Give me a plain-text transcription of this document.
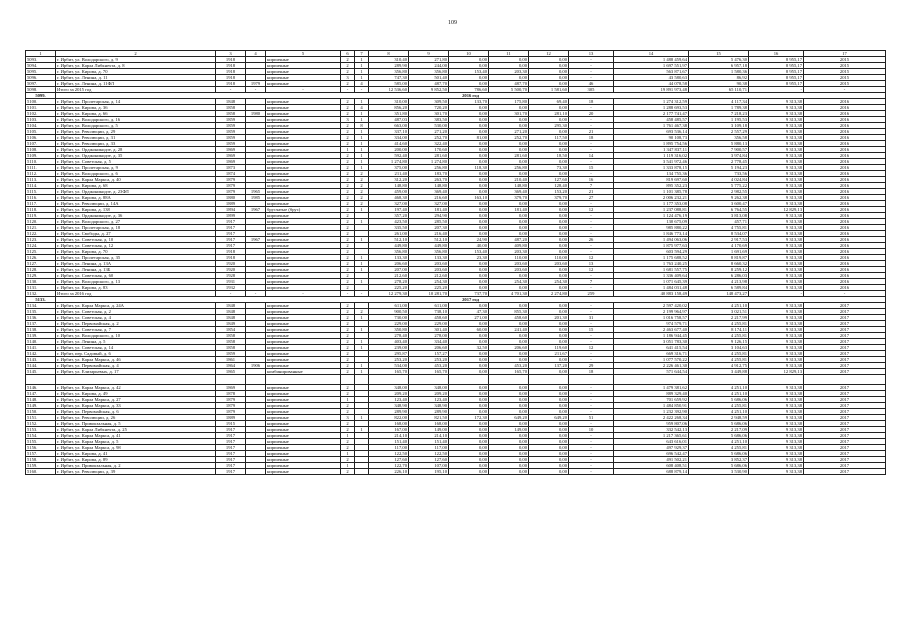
109
1	2	3	4	5	6	7	8	9	10	11	12	13	14	15	16	17
5093.	г. Ирбит, ул. Володарского, д. 9	1918		кирпичные	2	1	310,40	271,80	0,00	0,00	0,00	-	1 488 459,64	5 476,30	8 955,17	2015
5094.	г. Ирбит, ул. Карла Либкнехта, д. 8	1918		кирпичные	2	1	289,90	244,00	0,00	0,00	0,00	-	1 697 551,97	6 957,18	8 955,17	2015
5095.	г. Ирбит, ул. Кирова, д. 70	1918		кирпичные	2	1	356,80	356,80	153,40	203,30	0,00	-	563 871,67	1 580,36	8 955,17	2015
5096.	г. Ирбит, ул. Ленина, д. 11	1918		кирпичные	3	1	747,30	501,40	0,00	0,00	0,00	-	43 580,63	86,92	8 955,17	2015
5097.	г. Ирбит, ул. Ленина, д. 11ФЛ	1918	1979	кирпичные	2	4	585,00	487,70	0,00	487,70	0,00	46	44 078,58	90,38	8 955,17	2015
5098.	Итого за 2015 год	-	-	-	-	-	12 536,60	9 852,50	786,60	5 500,70	1 581,60	305	19 891 973,48	65 110,71	-	-
5099.	2016 год															
5100.	г. Ирбит, ул. Пролетарская, д. 14	1848		кирпичные	2	1	310,00	309,50	133,70	175,80	69,40	18	1 274 312,59	4 117,34	9 313,38	2016
5101.	г. Ирбит, ул. Кирова, д. 36	1858		кирпичные	2	4	856,20	720,20	0,00	0,00	0,00	-	1 288 693,53	1 789,38	9 313,38	2016
5102.	г. Ирбит, ул. Кирова, д. 66	1858	1980	кирпичные	2	1	351,80	301,70	0,00	301,70	281,10	20	2 177 741,47	7 218,23	9 313,38	2016
5103.	г. Ирбит, ул. Володарского, д. 16	1859		кирпичные	3	1	487,03	383,50	0,00	0,00	0,00	-	458 485,57	1 195,53	9 313,38	2016
5104.	г. Ирбит, ул. Володарского, д. 5	1859		кирпичные	2	8	663,00	530,00	0,00	0,00	295,30	-	1 761 467,38	3 109,18	9 313,38	2016
5105.	г. Ирбит, ул. Революции, д. 29	1859		кирпичные	2	1	337,10	271,20	0,00	271,20	0,00	21	693 536,14	2 557,29	9 313,38	2016
5106.	г. Ирбит, ул. Революции, д. 31	1859		кирпичные	2	1	334,00	252,70	81,00	252,70	117,50	18	90 108,73	356,58	9 313,38	2016
5107.	г. Ирбит, ул. Революции, д. 33	1859		кирпичные	2	1	414,60	322,40	0,00	0,00	0,00	-	1 895 754,56	5 880,13	9 313,38	2016
5108.	г. Ирбит, ул. Орджоникидзе, д. 28	1869		кирпичные	1	1	200,00	170,60	0,00	0,00	0,00	-	1 347 837,11	7 900,57	9 313,38	2016
5109.	г. Ирбит, ул. Орджоникидзе, д. 35	1869		кирпичные	2	1	592,40	281,60	0,00	281,60	18,50	14	1 119 316,02	3 974,84	9 313,38	2016
5110.	г. Ирбит, ул. Советская, д. 5	1869		кирпичные	2	1	1 274,80	1 274,80	0,00	0,00	0,00	-	3 541 972,46	2 778,45	9 313,38	2016
5111.	г. Ирбит, ул. Пролетарская, д. 9	1873		кирпичные	2	1	375,00	256,80	118,30	256,80	73,30	15	1 333 878,15	5 194,23	9 313,38	2016
5112.	г. Ирбит, ул. Володарского, д. 6	1874		кирпичные	2	2	211,40	183,70	0,00	0,00	0,00	-	134 755,36	733,56	9 313,38	2016
5113.	г. Ирбит, ул. Карла Маркса, д. 40	1879		кирпичные	2	2	312,20	263,70	0,00	210,40	127,60	16	819 697,60	4 024,84	9 313,38	2016
5114.	г. Ирбит, ул. Кирова, д. 68	1879		кирпичные	2	2	148,80	148,80	0,00	148,80	128,40	7	895 352,23	5 775,22	9 313,38	2016
5115.	г. Ирбит, ул. Орджоникидзе, д. 23ФЛ	1879	1965	кирпичные	2	2	459,00	369,40	0,00	369,40	153,20	21	1 101 385,78	2 982,55	9 313,38	2016
5116.	г. Ирбит, ул. Кирова, д. 88А	1880	1985	кирпичные	2	2	468,30	216,60	163,10	379,70	379,70	27	2 006 232,21	9 262,38	9 313,38	2016
5117.	г. Ирбит, ул. Революции, д. 14А	1889		кирпичные	2	2	327,00	327,00	0,00	0,00	0,00	-	1 177 353,08	3 600,47	9 313,38	2016
5118.	г. Ирбит, ул. Кирова, д. 138	1894	1967	брусчатые (брус)	2	1	197,40	181,40	0,00	181,40	0,00	12	1 237 088,81	6 764,55	12 829,13	2016
5119.	г. Ирбит, ул. Орджоникидзе, д. 36	1899		кирпичные	2		357,20	294,90	0,00	0,00	0,00	-	1 124 476,19	3 813,08	9 313,38	2016
5120.	г. Ирбит, ул. Володарского, д. 27	1917		кирпичные	2	1	423,50	285,50	0,00	0,00	0,00	-	130 675,09	457,71	9 313,38	2016
5121.	г. Ирбит, ул. Пролетарская, д. 18	1917		кирпичные	2		335,50	207,30	0,00	0,00	0,00	-	985 880,22	4 755,81	9 313,38	2016
5122.	г. Ирбит, ул. Свободы, д. 27	1917		кирпичные	2		261,00	216,40	0,00	0,00	0,00	-	1 846 773,14	8 534,07	9 313,38	2016
5123.	г. Ирбит, ул. Советская, д. 10	1917	1967	кирпичные	2	1	512,10	512,10	24,90	487,20	0,00	26	1 494 063,06	2 917,53	9 313,38	2016
5124.	г. Ирбит, ул. Советская, д. 12	1917		кирпичные	2		449,80	449,80	40,00	409,80	0,00	-	1 875 977,63	4 170,69	9 313,38	2016
5125.	г. Ирбит, ул. Кирова, д. 70	1918		кирпичные	2		356,80	356,80	153,40	203,30	0,00	-	603 594,29	1 691,69	9 313,38	2016
5126.	г. Ирбит, ул. Пролетарская, д. 35	1918		кирпичные	2	1	133,30	133,30	23,30	110,00	110,00	12	1 175 688,52	8 819,87	9 313,38	2016
5127.	г. Ирбит, ул. Ленина, д. 13А	1920		кирпичные	2	1	206,60	203,60	0,00	203,60	203,60	13	1 763 240,25	8 660,32	9 313,38	2016
5128.	г. Ирбит, ул. Ленина, д. 13Б	1920		кирпичные	2	1	207,00	203,60	0,00	203,60	0,00	12	1 681 557,75	8 259,12	9 313,38	2016
5129.	г. Ирбит, ул. Советская, д. 60	1928		кирпичные	2		212,60	212,60	0,00	0,00	0,00	-	1 336 409,64	6 286,03	9 313,38	2016
5130.	г. Ирбит, ул. Володарского, д. 13	1931		кирпичные	2	1	278,20	254,30	0,00	254,30	254,30	7	1 071 645,39	4 213,98	9 313,38	2016
5131.	г. Ирбит, ул. Кирова, д. 83	1932		кирпичные	2		225,20	225,20	0,00	0,00	0,00	-	1 484 031,48	6 589,84	9 313,38	2016
5132.	Итого за 2016 год	-	-	-	-	-	12 279,30	10 281,70	737,70	4 701,30	2 274,80	259	40 883 158,49	148 473,27	-	-
5133.	2017 год															
5134.	г. Ирбит, ул. Карла Маркса, д. 24А	1848		кирпичные	2		611,00	611,00	0,00	0,00	0,00	-	2 597 420,02	4 251,10	9 313,38	2017
5135.	г. Ирбит, ул. Советская, д. 2	1848		кирпичные	2	2	900,50	738,10	47,30	855,30	0,00	-	2 199 964,97	3 021,51	9 313,38	2017
5136.	г. Ирбит, ул. Советская, д. 4	1848		кирпичные	2	1	730,00	458,60	271,00	458,60	201,30	31	1 016 758,57	2 217,99	9 313,38	2017
5137.	г. Ирбит, ул. Первомайская, д. 2	1849		кирпичные	2		229,00	229,00	0,00	0,00	0,00	-	974 579,71	4 255,81	9 313,38	2017
5138.	г. Ирбит, ул. Советская, д. 7	1854		кирпичные	2	1	350,80	301,40	60,00	241,40	0,00	15	2 463 677,40	8 174,11	9 313,38	2017
5139.	г. Ирбит, ул. Володарского, д. 10	1858		кирпичные	2		278,40	278,00	0,00	0,00	0,00	-	1 186 944,45	4 255,81	9 313,38	2017
5140.	г. Ирбит, ул. Ленина, д. 5	1858		кирпичные	2	1	403,40	334,40	0,00	0,00	0,00	-	3 051 783,30	9 126,15	9 313,38	2017
5141.	г. Ирбит, ул. Советская, д. 14	1858		кирпичные	2	1	239,00	206,60	32,50	206,60	119,60	12	641 415,54	3 104,63	9 313,38	2017
5142.	г. Ирбит, пер. Садовый, д. 6	1859		кирпичные	2		295,87	157,27	0,00	0,00	211,67	-	669 316,71	4 255,81	9 313,38	2017
5143.	г. Ирбит, ул. Карла Маркса, д. 46	1861		кирпичные	2		253,20	253,20	0,00	0,00	0,00	-	1 077 570,22	4 255,81	9 313,38	2017
5144.	г. Ирбит, ул. Первомайская, д. 4	1864	1906	кирпичные	2	1	534,00	453,20	0,00	453,20	137,20	29	2 226 461,30	4 912,75	9 313,38	2017
5145.	г. Ирбит, ул. Елизарьевых, д. 17	1865		комбинированные	2	1	165,70	165,70	0,00	165,70	0,00	18	571 644,54	3 449,88	12 829,13	2017

5146.	г. Ирбит, ул. Карла Маркса, д. 42	1869		кирпичные	2		348,00	348,00	0,00	0,00	0,00	-	1 479 381,62	4 251,10	9 313,38	2017
5147.	г. Ирбит, ул. Кирова, д. 49	1878		кирпичные	2		209,20	209,20	0,00	0,00	0,00	-	889 329,40	4 251,10	9 313,38	2017
5148.	г. Ирбит, ул. Карла Маркса, д. 27	1879		кирпичные	1		123,40	123,40	0,00	0,00	0,00	-	701 659,92	5 686,06	9 313,38	2017
5149.	г. Ирбит, ул. Карла Маркса, д. 33	1879		кирпичные	2		348,90	348,90	0,00	0,00	0,00	-	1 484 850,91	4 255,81	9 313,38	2017
5150.	г. Ирбит, ул. Первомайская, д. 6	1879		кирпичные	2		289,90	289,90	0,00	0,00	0,00	-	1 232 392,90	4 251,10	9 313,38	2017
5151.	г. Ирбит, ул. Революции, д. 26	1889		кирпичные	3	1	822,00	821,50	172,30	649,20	649,20	51	2 422 268,34	2 948,59	9 313,38	2017
5152.	г. Ирбит, ул. Привокзальная, д. 5	1915		кирпичные	2		168,00	168,00	0,00	0,00	0,00	-	959 807,06	5 686,06	9 313,38	2017
5153.	г. Ирбит, ул. Карла Либкнехта, д. 25	1917		кирпичные	2	1	167,00	149,00	0,00	149,00	0,00	10	332 542,13	2 217,09	9 313,38	2017
5154.	г. Ирбит, ул. Карла Маркса, д. 41	1917		кирпичные	1		214,10	214,10	0,00	0,00	0,00	-	1 217 365,61	5 686,06	9 313,38	2017
5155.	г. Ирбит, ул. Карла Маркса, д. 5	1917		кирпичные	2		151,40	151,40	0,00	0,00	0,00	-	643 616,01	4 251,10	9 313,38	2017
5156.	г. Ирбит, ул. Карла Маркса, д. 98	1917		кирпичные	2		117,00	117,00	0,00	0,00	0,00	-	497 929,37	4 255,81	9 313,38	2017
5157.	г. Ирбит, ул. Кирова, д. 41	1917		кирпичные	1		122,50	122,50	0,00	0,00	0,00	-	696 542,47	5 686,06	9 313,38	2017
5158.	г. Ирбит, ул. Кирова, д. 89	1917		кирпичные	2		127,60	127,60	0,00	0,00	0,00	-	491 502,21	3 852,37	9 313,38	2017
5159.	г. Ирбит, ул. Привокзальная, д. 2	1917		кирпичные	1		122,70	107,00	0,00	0,00	0,00	-	608 408,51	5 686,06	9 313,38	2017
5160.	г. Ирбит, ул. Революции, д. 39	1917		кирпичные	2		226,10	195,10	0,00	0,00	0,00	-	688 879,14	3 530,90	9 313,38	2017
